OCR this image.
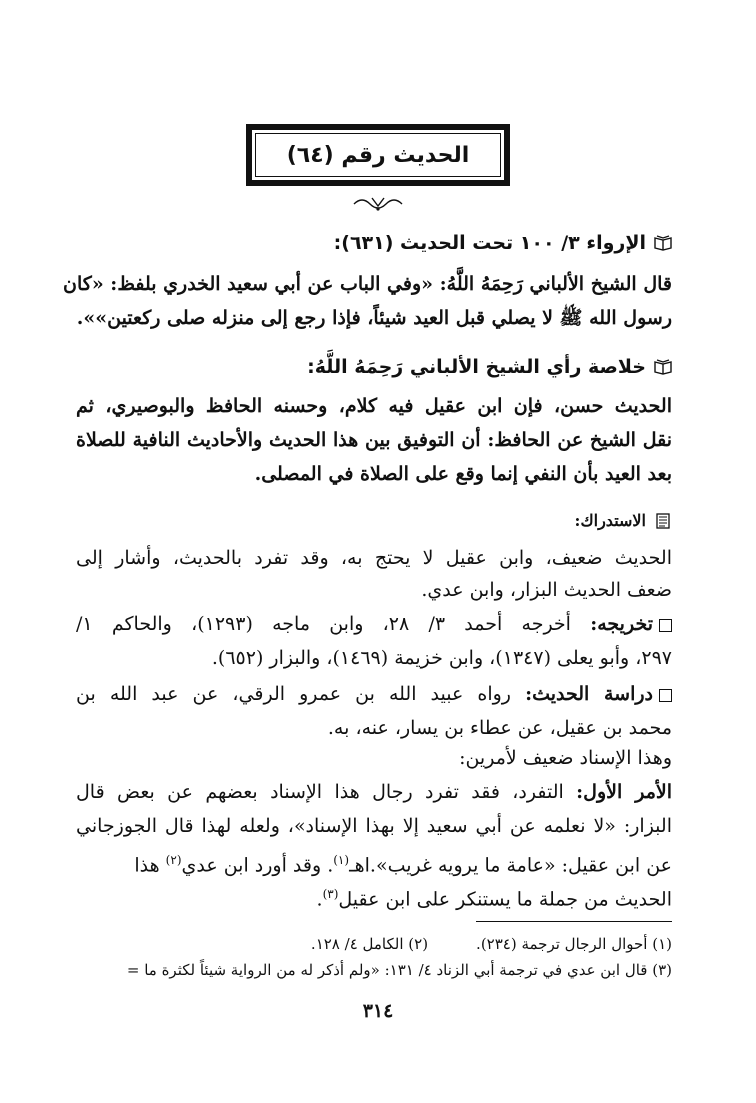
الحديث رقم (٦٤)
الإرواء ٣/ ١٠٠ تحت الحديث (٦٣١):
قال الشيخ الألباني رَحِمَهُ اللَّهُ: «وفي الباب عن أبي سعيد الخدري بلفظ: «كان
رسول الله ﷺ لا يصلي قبل العيد شيئاً، فإذا رجع إلى منزله صلى ركعتين»».
خلاصة رأي الشيخ الألباني رَحِمَهُ اللَّهُ:
الحديث حسن، فإن ابن عقيل فيه كلام، وحسنه الحافظ والبوصيري، ثم
نقل الشيخ عن الحافظ: أن التوفيق بين هذا الحديث والأحاديث النافية للصلاة
بعد العيد بأن النفي إنما وقع على الصلاة في المصلى.
الاستدراك:
الحديث ضعيف، وابن عقيل لا يحتج به، وقد تفرد بالحديث، وأشار إلى
ضعف الحديث البزار، وابن عدي.
تخريجه: أخرجه أحمد ٣/ ٢٨، وابن ماجه (١٢٩٣)، والحاكم ١/
٢٩٧، وأبو يعلى (١٣٤٧)، وابن خزيمة (١٤٦٩)، والبزار (٦٥٢).
دراسة الحديث: رواه عبيد الله بن عمرو الرقي، عن عبد الله بن
محمد بن عقيل، عن عطاء بن يسار، عنه، به.
وهذا الإسناد ضعيف لأمرين:
الأمر الأول: التفرد، فقد تفرد رجال هذا الإسناد بعضهم عن بعض قال
البزار: «لا نعلمه عن أبي سعيد إلا بهذا الإسناد»، ولعله لهذا قال الجوزجاني
عن ابن عقيل: «عامة ما يرويه غريب».اهـ$^{(١)}$. وقد أورد ابن عدي$^{(٢)}$ هذا
الحديث من جملة ما يستنكر على ابن عقيل$^{(٣)}$.
(١) أحوال الرجال ترجمة (٢٣٤).(٢) الكامل ٤/ ١٢٨.
(٣) قال ابن عدي في ترجمة أبي الزناد ٤/ ١٣١: «ولم أذكر له من الرواية شيئاً لكثرة ما =
٣١٤
